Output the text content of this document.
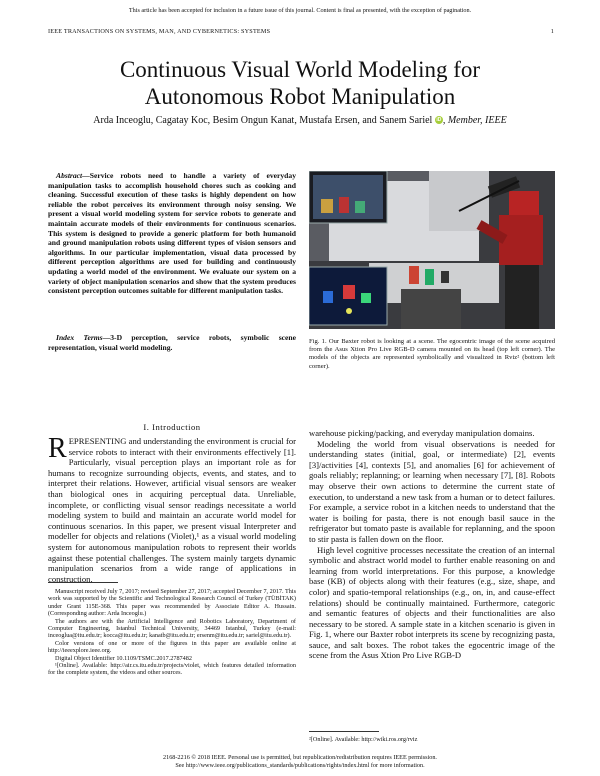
This article has been accepted for inclusion in a future issue of this journal. Content is final as presented, with the exception of pagination.
IEEE TRANSACTIONS ON SYSTEMS, MAN, AND CYBERNETICS: SYSTEMS	1
Continuous Visual World Modeling for
Autonomous Robot Manipulation
Arda Inceoglu, Cagatay Koc, Besim Ongun Kanat, Mustafa Ersen, and Sanem Sariel iD , Member, IEEE
Abstract—Service robots need to handle a variety of everyday manipulation tasks to accomplish household chores such as cooking and cleaning. Successful execution of these tasks is highly dependent on how reliable the robot perceives its environment through noisy sensing. We present a visual world modeling system for service robots to generate and maintain accurate models of their environments for continuous scenarios. This system is designed to provide a generic platform for both humanoid and ground manipulation robots using different types of vision sensors and algorithms. In our particular implementation, visual data processed by different perception algorithms are used for building and continuously updating a world model of the environment. We evaluate our system on a variety of object manipulation scenarios and show that the system produces consistent perception outcomes suitable for different manipulation tasks.
Index Terms—3-D perception, service robots, symbolic scene representation, visual world modeling.
I. Introduction
REPRESENTING and understanding the environment is crucial for service robots to interact with their environments effectively [1]. Particularly, visual perception plays an important role as for humans to recognize surrounding objects, events, and states, and to interpret their relations. However, artificial visual sensors are weaker than biological ones in acquiring perceptual data. Unreliable, incomplete, or conflicting visual sensor readings necessitate a world modeling system to build and maintain an accurate world model for continuous scenarios. In this paper, we present visual Interpreter and modeller for objects and relations (Violet),¹ as a visual world modeling system for autonomous manipulation robots to represent their worlds against these potential challenges. The system mainly targets dynamic manipulation scenarios from a wide range of applications in construction,

Manuscript received July 7, 2017; revised September 27, 2017; accepted December 7, 2017. This work was supported by the Scientific and Technological Research Council of Turkey (TÜBİTAK) under Grant 115E-368. This paper was recommended by Associate Editor A. Hussain. (Corresponding author: Arda Inceoglu.)

The authors are with the Artificial Intelligence and Robotics Laboratory, Department of Computer Engineering, Istanbul Technical University, 34469 Istanbul, Turkey (e-mail: inceoglua@itu.edu.tr; kocca@itu.edu.tr; kanatb@itu.edu.tr; ersenm@itu.edu.tr; sariel@itu.edu.tr).

Color versions of one or more of the figures in this paper are available online at http://ieeexplore.ieee.org.

Digital Object Identifier 10.1109/TSMC.2017.2787482

¹[Online]. Available: http://air.cs.itu.edu.tr/projects/violet, which features detailed information for the complete system, the videos and other sources.

Fig. 1. Our Baxter robot is looking at a scene. The egocentric image of the scene acquired from the Asus Xtion Pro Live RGB-D camera mounted on its head (top left corner). The models of the objects are represented symbolically and visualized in Rviz² (bottom left corner).

warehouse picking/packing, and everyday manipulation domains.

Modeling the world from visual observations is needed for understanding states (initial, goal, or intermediate) [2], events [3]/activities [4], contexts [5], and anomalies [6] for achievement of goals reliably; replanning; or learning when necessary [7], [8]. Robots may observe their own actions to determine the current state of execution, to understand a new task from a human or to detect failures. For example, a service robot in a kitchen needs to understand that the water is boiling for pasta, there is not enough basil sauce in the refrigerator but tomato paste is available for replanning, and the spoon to stir pasta is fallen down on the floor.

High level cognitive processes necessitate the creation of an internal symbolic and abstract world model to further enable reasoning on and learning from world interpretations. For this purpose, a knowledge base (KB) of objects along with their features (e.g., size, shape, and color) and spatio-temporal relationships (e.g., on, in, and cause-effect relations) should be continually maintained. Furthermore, categoric and semantic features of objects and their functionalities are also necessary to be stored. A sample state in a kitchen scenario is given in Fig. 1, where our Baxter robot interprets its scene by recognizing pasta, sauce, and salt boxes. The robot takes the egocentric image of the scene from the Asus Xtion Pro Live RGB-D

²[Online]. Available: http://wiki.ros.org/rviz
2168-2216 © 2018 IEEE. Personal use is permitted, but republication/redistribution requires IEEE permission.
See http://www.ieee.org/publications_standards/publications/rights/index.html for more information.
